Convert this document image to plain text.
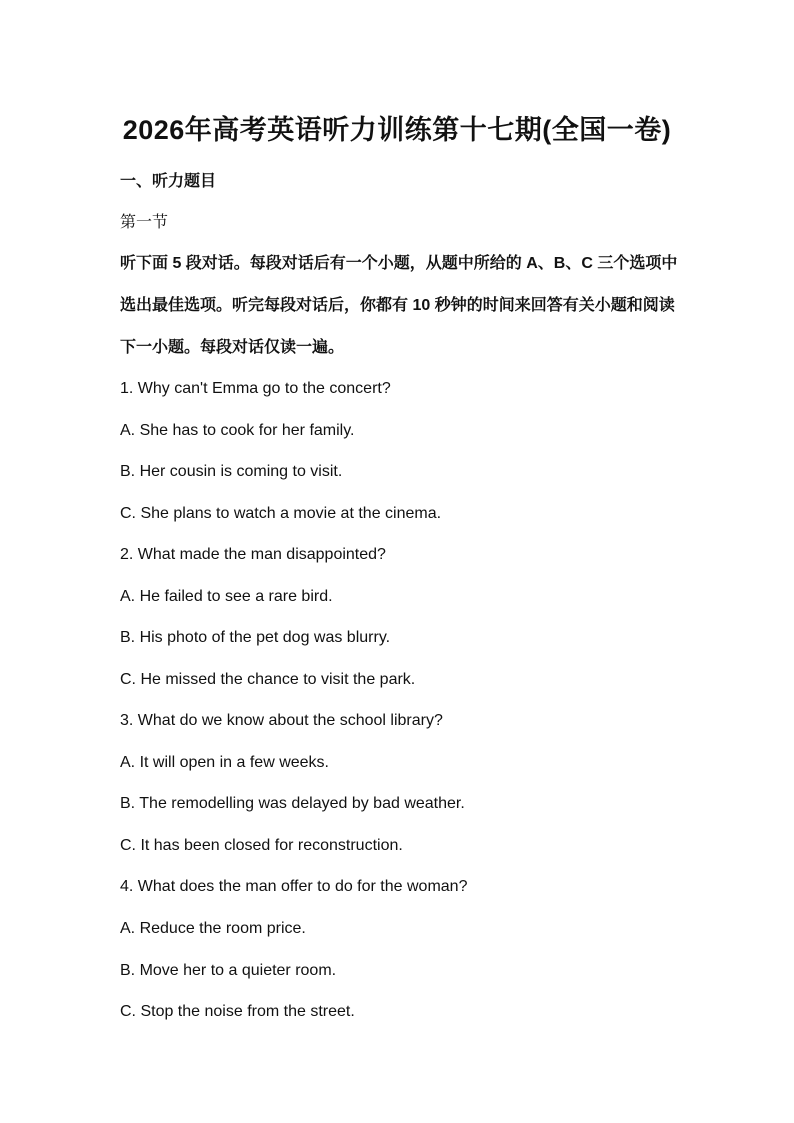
2026年高考英语听力训练第十七期(全国一卷)
一、听力题目
第一节
听下面 5 段对话。每段对话后有一个小题，从题中所给的 A、B、C 三个选项中
选出最佳选项。听完每段对话后，你都有 10 秒钟的时间来回答有关小题和阅读
下一小题。每段对话仅读一遍。
1. Why can't Emma go to the concert?
A. She has to cook for her family.
B. Her cousin is coming to visit.
C. She plans to watch a movie at the cinema.
2. What made the man disappointed?
A. He failed to see a rare bird.
B. His photo of the pet dog was blurry.
C. He missed the chance to visit the park.
3. What do we know about the school library?
A. It will open in a few weeks.
B. The remodelling was delayed by bad weather.
C. It has been closed for reconstruction.
4. What does the man offer to do for the woman?
A. Reduce the room price.
B. Move her to a quieter room.
C. Stop the noise from the street.
